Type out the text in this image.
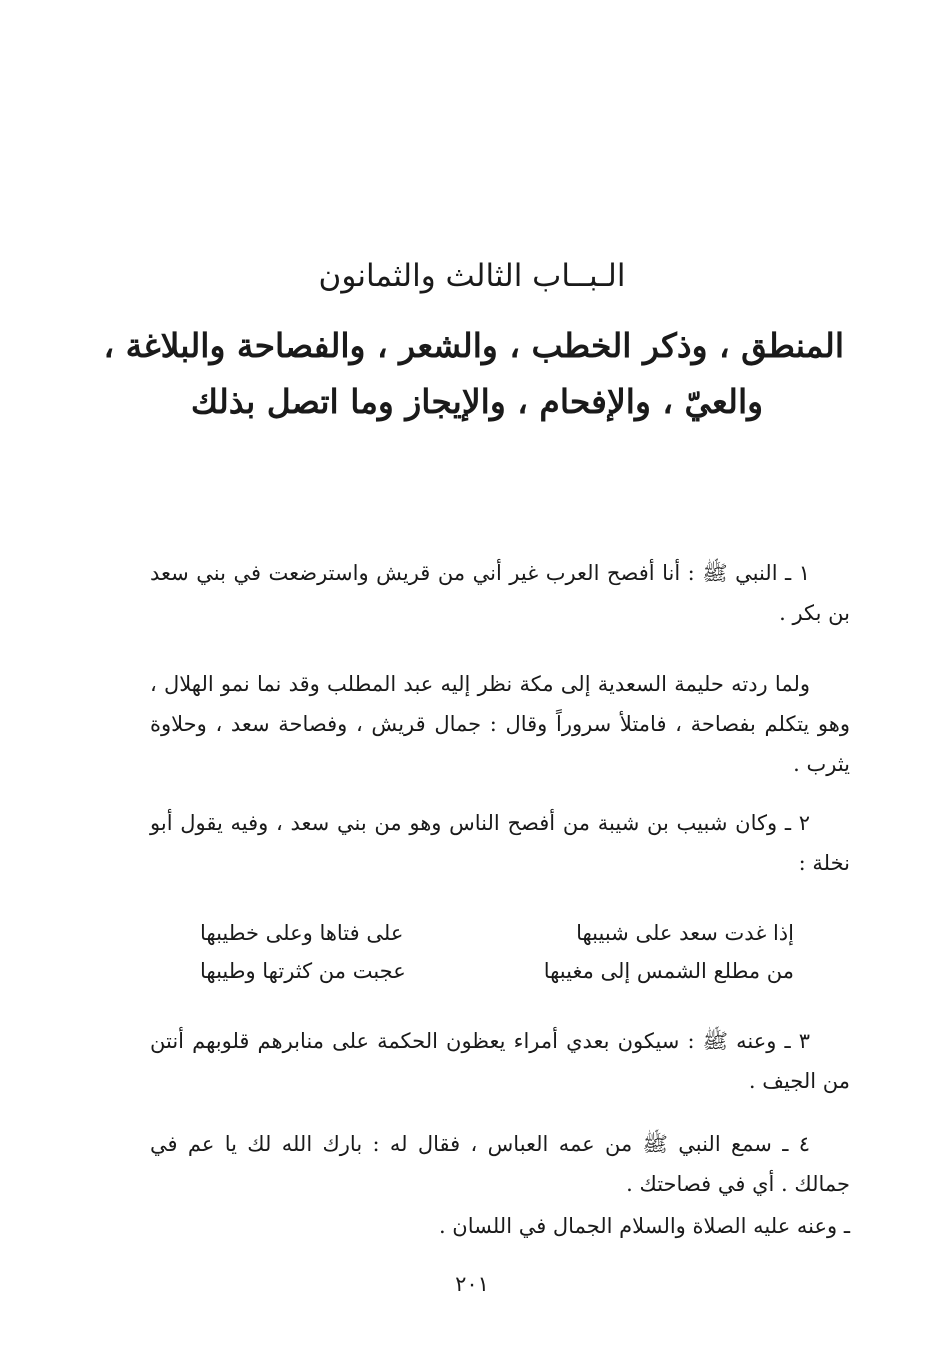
الـبــاب الثالث والثمانون
المنطق ، وذكر الخطب ، والشعر ، والفصاحة والبلاغة ،
والعيّ ، والإفحام ، والإيجاز وما اتصل بذلك
١ ـ النبي ﷺ : أنا أفصح العرب غير أني من قريش واسترضعت في بني سعد بن بكر .
ولما ردته حليمة السعدية إلى مكة نظر إليه عبد المطلب وقد نما نمو الهلال ، وهو يتكلم بفصاحة ، فامتلأ سروراً وقال : جمال قريش ، وفصاحة سعد ، وحلاوة يثرب .
٢ ـ وكان شبيب بن شيبة من أفصح الناس وهو من بني سعد ، وفيه يقول أبو نخلة :
إذا غدت سعد على شبيبها
على فتاها وعلى خطيبها
من مطلع الشمس إلى مغيبها
عجبت من كثرتها وطيبها
٣ ـ وعنه ﷺ : سيكون بعدي أمراء يعظون الحكمة على منابرهم قلوبهم أنتن من الجيف .
٤ ـ سمع النبي ﷺ من عمه العباس ، فقال له : بارك الله لك يا عم في جمالك . أي في فصاحتك .
ـ وعنه عليه الصلاة والسلام الجمال في اللسان .
٢٠١
